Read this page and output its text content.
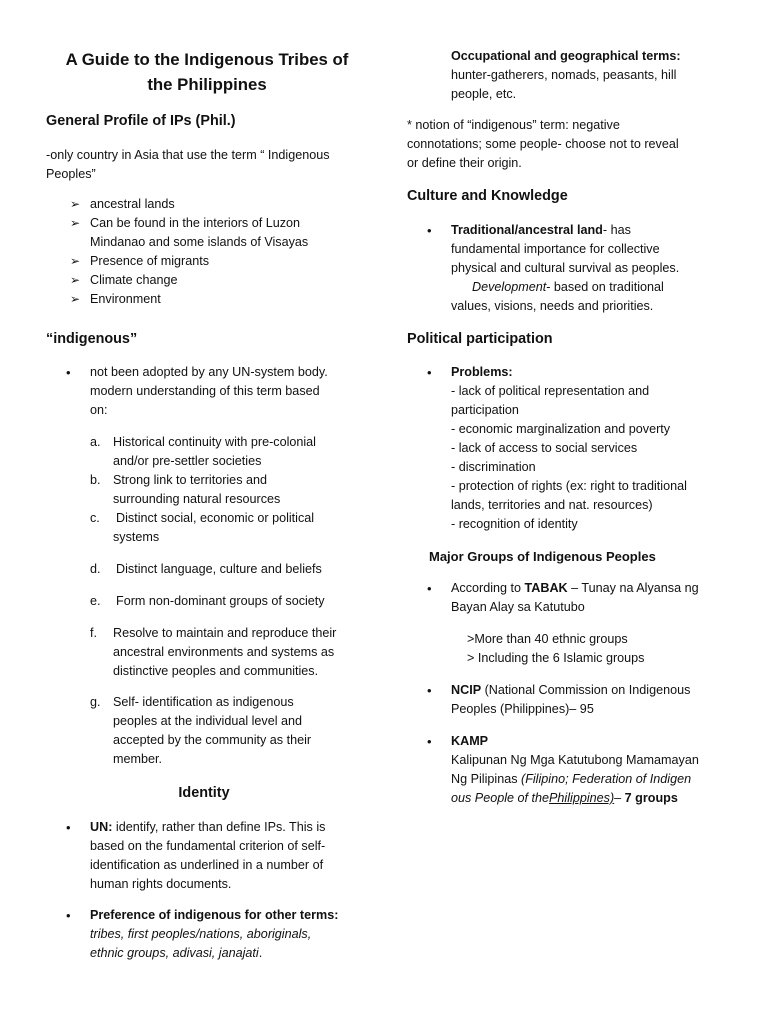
A Guide to the Indigenous Tribes of
the Philippines
General Profile of IPs (Phil.)
-only country in Asia that use the term “ Indigenous
Peoples”
➢ ancestral lands
➢ Can be found in the interiors of Luzon
Mindanao and some islands of Visayas
➢ Presence of migrants
➢ Climate change
➢ Environment
“indigenous”
• not been adopted by any UN-system body.
modern understanding of this term based
on:
a. Historical continuity with pre-colonial
and/or pre-settler societies
b. Strong link to territories and
surrounding natural resources
c. Distinct social, economic or political
systems
d. Distinct language, culture and beliefs
e. Form non-dominant groups of society
f. Resolve to maintain and reproduce their
ancestral environments and systems as
distinctive peoples and communities.
g. Self- identification as indigenous
peoples at the individual level and
accepted by the community as their
member.
Identity
• UN: identify, rather than define IPs. This is
based on the fundamental criterion of self-
identification as underlined in a number of
human rights documents.
• Preference of indigenous for other terms:
tribes, first peoples/nations, aboriginals,
ethnic groups, adivasi, janajati.
Occupational and geographical terms:
hunter-gatherers, nomads, peasants, hill
people, etc.
* notion of “indigenous” term: negative
connotations; some people- choose not to reveal
or define their origin.
Culture and Knowledge
• Traditional/ancestral land- has
fundamental importance for collective
physical and cultural survival as peoples.
Development- based on traditional
values, visions, needs and priorities.
Political participation
• Problems:
- lack of political representation and
participation
- economic marginalization and poverty
- lack of access to social services
- discrimination
- protection of rights (ex: right to traditional
lands, territories and nat. resources)
- recognition of identity
Major Groups of Indigenous Peoples
• According to TABAK – Tunay na Alyansa ng
Bayan Alay sa Katutubo
>More than 40 ethnic groups
> Including the 6 Islamic groups
• NCIP (National Commission on Indigenous
Peoples (Philippines)– 95
• KAMP
Kalipunan Ng Mga Katutubong Mamamayan
Ng Pilipinas (Filipino; Federation of Indigen
ous People of thePhilippines)– 7 groups
